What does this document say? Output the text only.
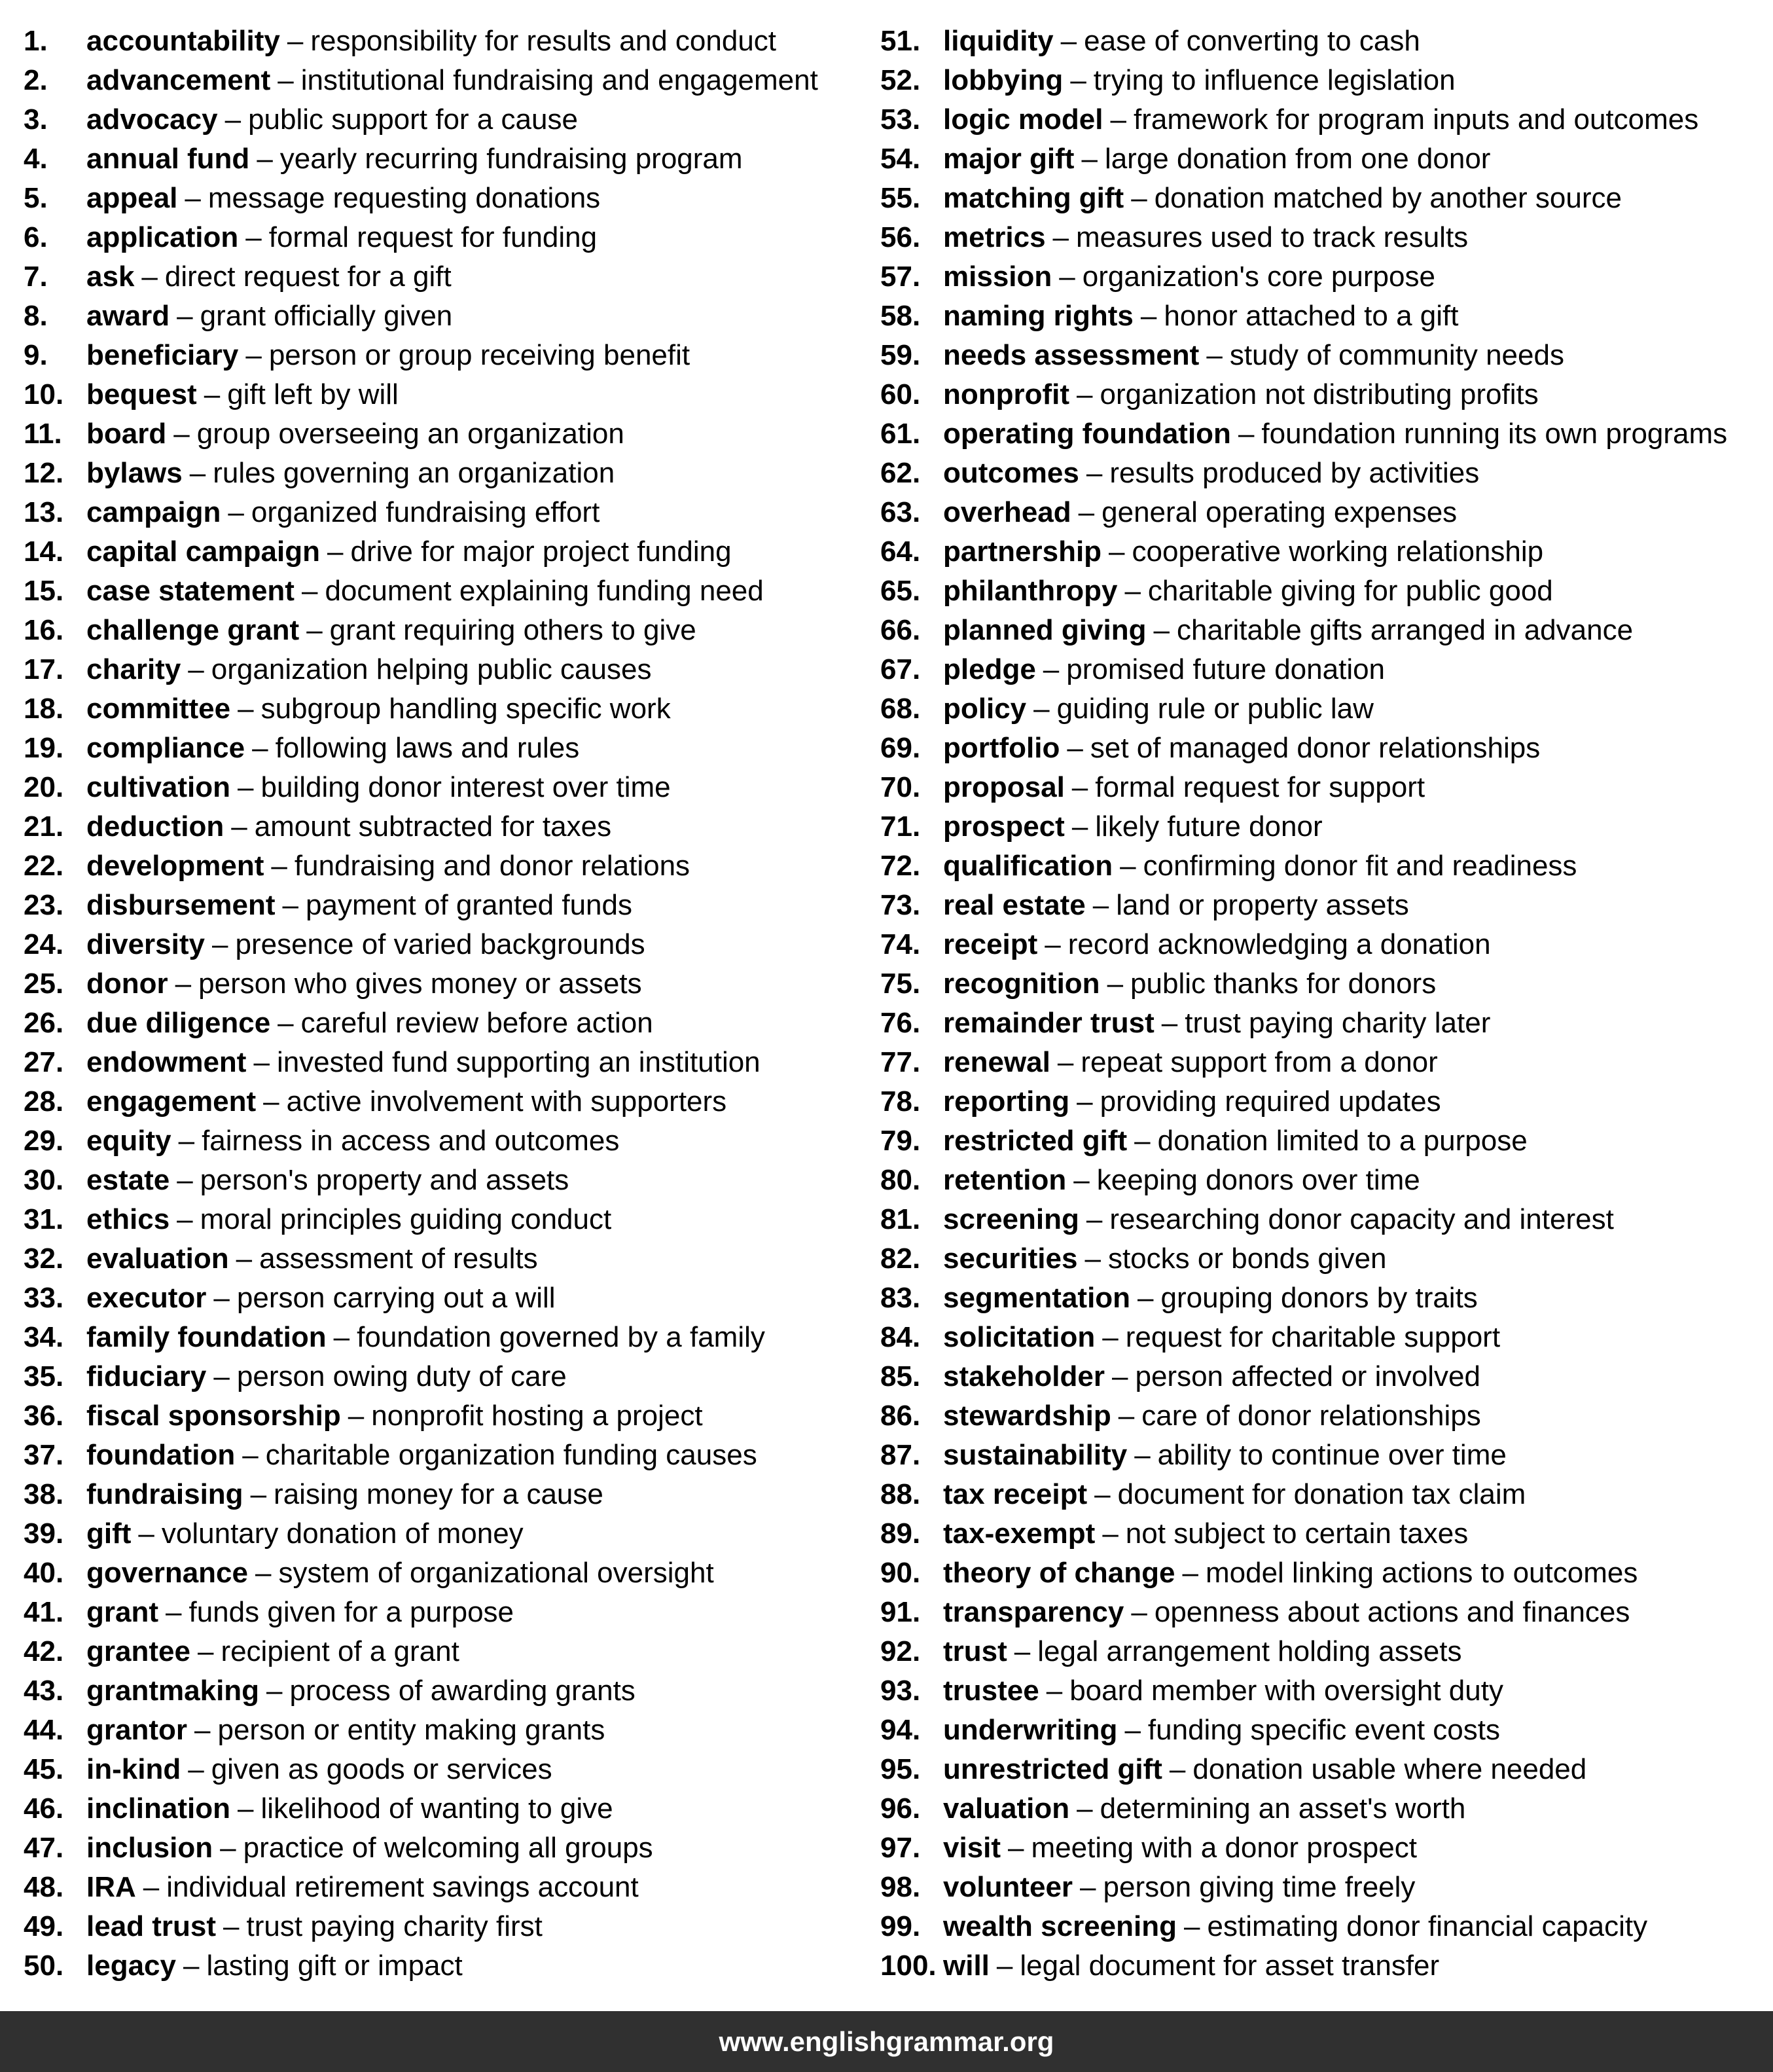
1.	accountability – responsibility for results and conduct
2.	advancement – institutional fundraising and engagement
3.	advocacy – public support for a cause
4.	annual fund – yearly recurring fundraising program
5.	appeal – message requesting donations
6.	application – formal request for funding
7.	ask – direct request for a gift
8.	award – grant officially given
9.	beneficiary – person or group receiving benefit
10. bequest – gift left by will
11. board – group overseeing an organization
12. bylaws – rules governing an organization
13. campaign – organized fundraising effort
14. capital campaign – drive for major project funding
15. case statement – document explaining funding need
16. challenge grant – grant requiring others to give
17. charity – organization helping public causes
18. committee – subgroup handling specific work
19. compliance – following laws and rules
20. cultivation – building donor interest over time
21. deduction – amount subtracted for taxes
22. development – fundraising and donor relations
23. disbursement – payment of granted funds
24. diversity – presence of varied backgrounds
25. donor – person who gives money or assets
26. due diligence – careful review before action
27. endowment – invested fund supporting an institution
28. engagement – active involvement with supporters
29. equity – fairness in access and outcomes
30. estate – person's property and assets
31. ethics – moral principles guiding conduct
32. evaluation – assessment of results
33. executor – person carrying out a will
34. family foundation – foundation governed by a family
35. fiduciary – person owing duty of care
36. fiscal sponsorship – nonprofit hosting a project
37. foundation – charitable organization funding causes
38. fundraising – raising money for a cause
39. gift – voluntary donation of money
40. governance – system of organizational oversight
41. grant – funds given for a purpose
42. grantee – recipient of a grant
43. grantmaking – process of awarding grants
44. grantor – person or entity making grants
45. in-kind – given as goods or services
46. inclination – likelihood of wanting to give
47. inclusion – practice of welcoming all groups
48. IRA – individual retirement savings account
49. lead trust – trust paying charity first
50. legacy – lasting gift or impact
51. liquidity – ease of converting to cash
52. lobbying – trying to influence legislation
53. logic model – framework for program inputs and outcomes
54. major gift – large donation from one donor
55. matching gift – donation matched by another source
56. metrics – measures used to track results
57. mission – organization's core purpose
58. naming rights – honor attached to a gift
59. needs assessment – study of community needs
60. nonprofit – organization not distributing profits
61. operating foundation – foundation running its own programs
62. outcomes – results produced by activities
63. overhead – general operating expenses
64. partnership – cooperative working relationship
65. philanthropy – charitable giving for public good
66. planned giving – charitable gifts arranged in advance
67. pledge – promised future donation
68. policy – guiding rule or public law
69. portfolio – set of managed donor relationships
70. proposal – formal request for support
71. prospect – likely future donor
72. qualification – confirming donor fit and readiness
73. real estate – land or property assets
74. receipt – record acknowledging a donation
75. recognition – public thanks for donors
76. remainder trust – trust paying charity later
77. renewal – repeat support from a donor
78. reporting – providing required updates
79. restricted gift – donation limited to a purpose
80. retention – keeping donors over time
81. screening – researching donor capacity and interest
82. securities – stocks or bonds given
83. segmentation – grouping donors by traits
84. solicitation – request for charitable support
85. stakeholder – person affected or involved
86. stewardship – care of donor relationships
87. sustainability – ability to continue over time
88. tax receipt – document for donation tax claim
89. tax-exempt – not subject to certain taxes
90. theory of change – model linking actions to outcomes
91. transparency – openness about actions and finances
92. trust – legal arrangement holding assets
93. trustee – board member with oversight duty
94. underwriting – funding specific event costs
95. unrestricted gift – donation usable where needed
96. valuation – determining an asset's worth
97. visit – meeting with a donor prospect
98. volunteer – person giving time freely
99. wealth screening – estimating donor financial capacity
100. will – legal document for asset transfer
www.englishgrammar.org
